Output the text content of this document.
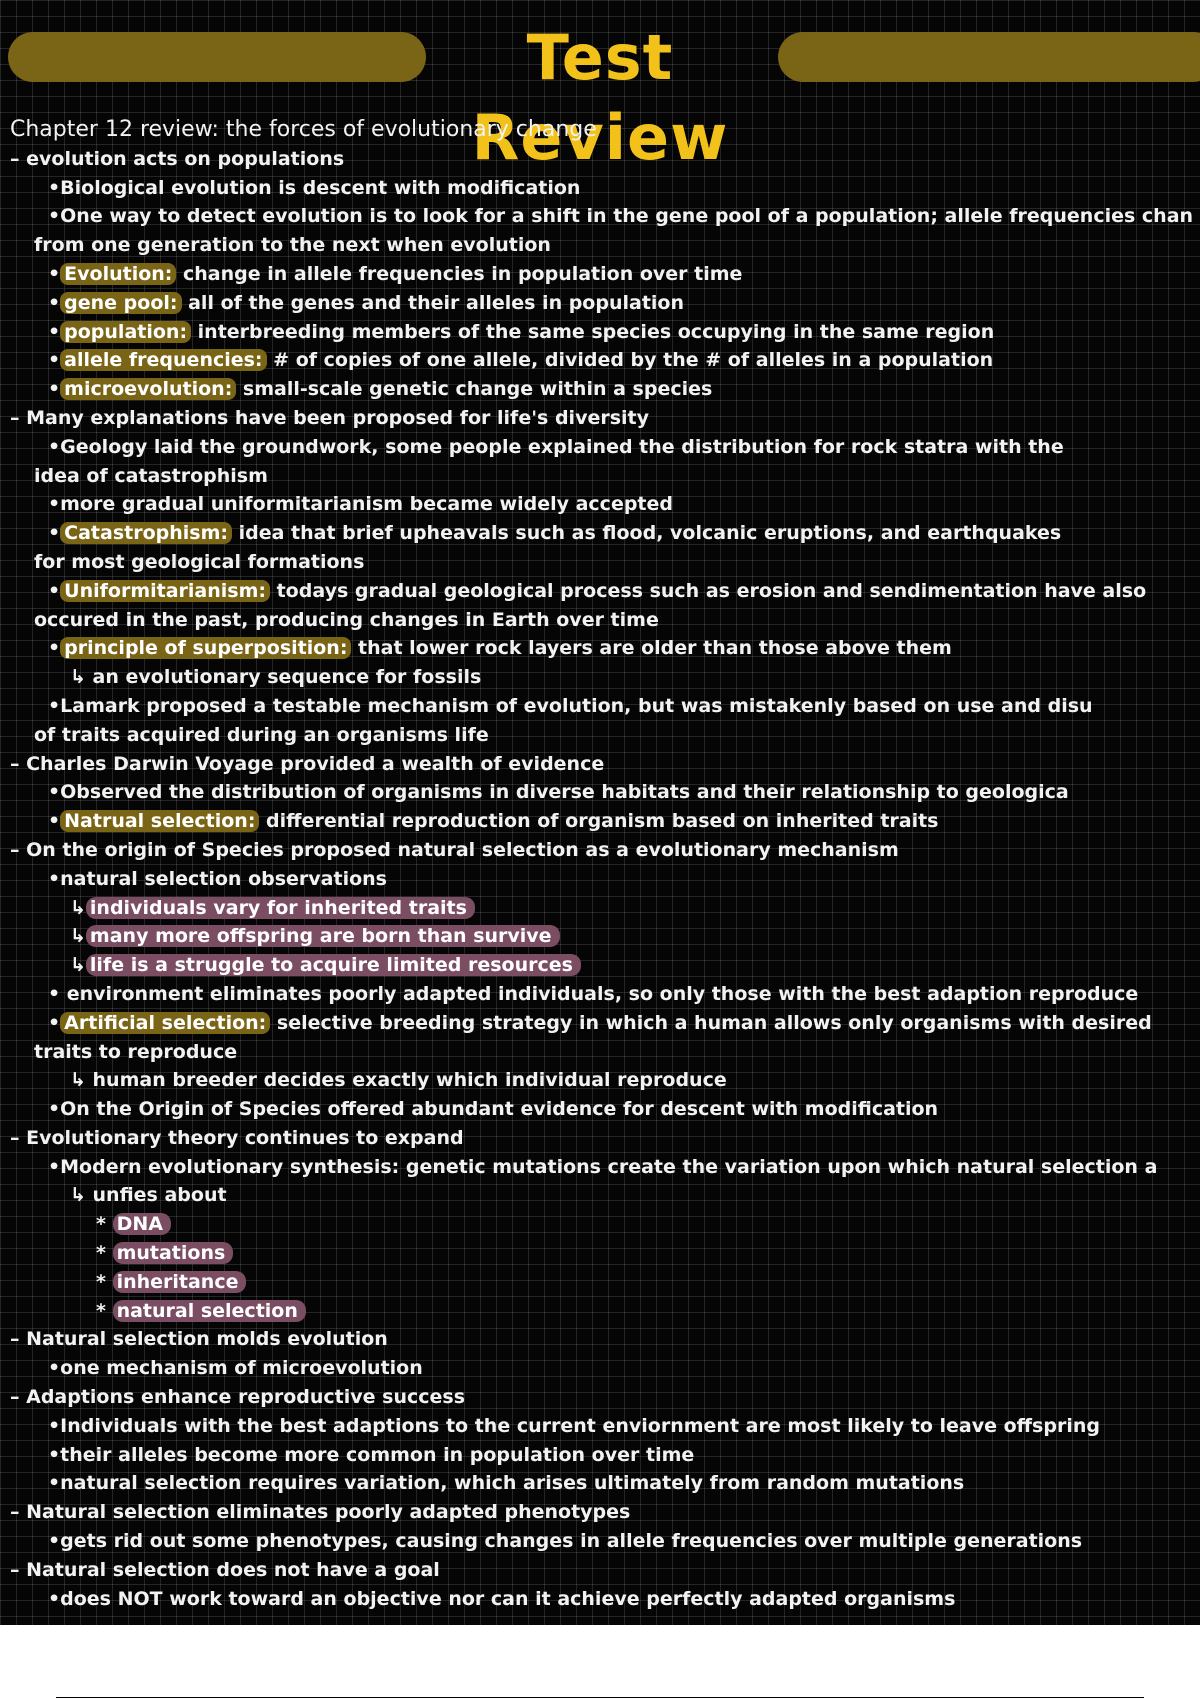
Test Review
Chapter 12 review: the forces of evolutionary change
– evolution acts on populations
•Biological evolution is descent with modification
•One way to detect evolution is to look for a shift in the gene pool of a population; allele frequencies chan
from one generation to the next when evolution
• Evolution: change in allele frequencies in population over time
• gene pool: all of the genes and their alleles in population
• population: interbreeding members of the same species occupying in the same region
• allele frequencies: # of copies of one allele, divided by the # of alleles in a population
• microevolution: small-scale genetic change within a species
– Many explanations have been proposed for life's diversity
•Geology laid the groundwork, some people explained the distribution for rock statra with the
idea of catastrophism
•more gradual uniformitarianism became widely accepted
• Catastrophism: idea that brief upheavals such as flood, volcanic eruptions, and earthquakes
for most geological formations
• Uniformitarianism: todays gradual geological process such as erosion and sendimentation have also
occured in the past, producing changes in Earth over time
• principle of superposition: that lower rock layers are older than those above them
↳ an evolutionary sequence for fossils
•Lamark proposed a testable mechanism of evolution, but was mistakenly based on use and disu
of traits acquired during an organisms life
– Charles Darwin Voyage provided a wealth of evidence
•Observed the distribution of organisms in diverse habitats and their relationship to geologica
• Natrual selection: differential reproduction of organism based on inherited traits
– On the origin of Species proposed natural selection as a evolutionary mechanism
•natural selection observations
↳ individuals vary for inherited traits
↳ many more offspring are born than survive
↳ life is a struggle to acquire limited resources
• environment eliminates poorly adapted individuals, so only those with the best adaption reproduce
• Artificial selection: selective breeding strategy in which a human allows only organisms with desired
traits to reproduce
↳ human breeder decides exactly which individual reproduce
•On the Origin of Species offered abundant evidence for descent with modification
– Evolutionary theory continues to expand
•Modern evolutionary synthesis: genetic mutations create the variation upon which natural selection a
↳ unfies about
* DNA
* mutations
* inheritance
* natural selection
– Natural selection molds evolution
•one mechanism of microevolution
– Adaptions enhance reproductive success
•Individuals with the best adaptions to the current enviornment are most likely to leave offspring
•their alleles become more common in population over time
•natural selection requires variation, which arises ultimately from random mutations
– Natural selection eliminates poorly adapted phenotypes
•gets rid out some phenotypes, causing changes in allele frequencies over multiple generations
– Natural selection does not have a goal
•does NOT work toward an objective nor can it achieve perfectly adapted organisms
